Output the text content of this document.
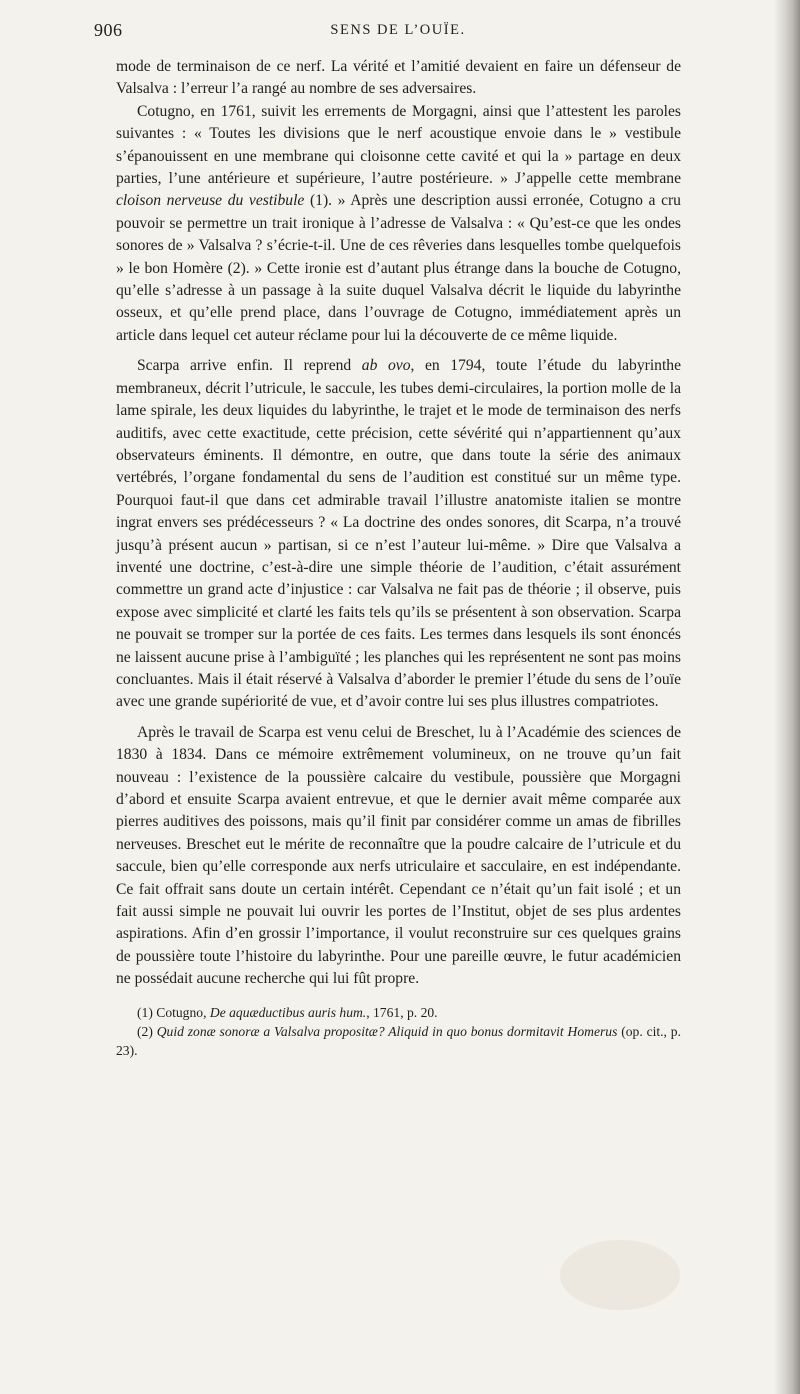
906	SENS DE L’OUÏE.

mode de terminaison de ce nerf. La vérité et l’amitié devaient en faire un défenseur de Valsalva : l’erreur l’a rangé au nombre de ses adversaires.

Cotugno, en 1761, suivit les errements de Morgagni, ainsi que l’attestent les paroles suivantes : « Toutes les divisions que le nerf acoustique envoie dans le » vestibule s’épanouissent en une membrane qui cloisonne cette cavité et qui la » partage en deux parties, l’une antérieure et supérieure, l’autre postérieure. » J’appelle cette membrane cloison nerveuse du vestibule (1). » Après une description aussi erronée, Cotugno a cru pouvoir se permettre un trait ironique à l’adresse de Valsalva : « Qu’est-ce que les ondes sonores de » Valsalva ? s’écrie-t-il. Une de ces rêveries dans lesquelles tombe quelquefois » le bon Homère (2). » Cette ironie est d’autant plus étrange dans la bouche de Cotugno, qu’elle s’adresse à un passage à la suite duquel Valsalva décrit le liquide du labyrinthe osseux, et qu’elle prend place, dans l’ouvrage de Cotugno, immédiatement après un article dans lequel cet auteur réclame pour lui la découverte de ce même liquide.

Scarpa arrive enfin. Il reprend ab ovo, en 1794, toute l’étude du labyrinthe membraneux, décrit l’utricule, le saccule, les tubes demi-circulaires, la portion molle de la lame spirale, les deux liquides du labyrinthe, le trajet et le mode de terminaison des nerfs auditifs, avec cette exactitude, cette précision, cette sévérité qui n’appartiennent qu’aux observateurs éminents. Il démontre, en outre, que dans toute la série des animaux vertébrés, l’organe fondamental du sens de l’audition est constitué sur un même type. Pourquoi faut-il que dans cet admirable travail l’illustre anatomiste italien se montre ingrat envers ses prédécesseurs ? « La doctrine des ondes sonores, dit Scarpa, n’a trouvé jusqu’à présent aucun » partisan, si ce n’est l’auteur lui-même. » Dire que Valsalva a inventé une doctrine, c’est-à-dire une simple théorie de l’audition, c’était assurément commettre un grand acte d’injustice : car Valsalva ne fait pas de théorie ; il observe, puis expose avec simplicité et clarté les faits tels qu’ils se présentent à son observation. Scarpa ne pouvait se tromper sur la portée de ces faits. Les termes dans lesquels ils sont énoncés ne laissent aucune prise à l’ambiguïté ; les planches qui les représentent ne sont pas moins concluantes. Mais il était réservé à Valsalva d’aborder le premier l’étude du sens de l’ouïe avec une grande supériorité de vue, et d’avoir contre lui ses plus illustres compatriotes.

Après le travail de Scarpa est venu celui de Breschet, lu à l’Académie des sciences de 1830 à 1834. Dans ce mémoire extrêmement volumineux, on ne trouve qu’un fait nouveau : l’existence de la poussière calcaire du vestibule, poussière que Morgagni d’abord et ensuite Scarpa avaient entrevue, et que le dernier avait même comparée aux pierres auditives des poissons, mais qu’il finit par considérer comme un amas de fibrilles nerveuses. Breschet eut le mérite de reconnaître que la poudre calcaire de l’utricule et du saccule, bien qu’elle corresponde aux nerfs utriculaire et sacculaire, en est indépendante. Ce fait offrait sans doute un certain intérêt. Cependant ce n’était qu’un fait isolé ; et un fait aussi simple ne pouvait lui ouvrir les portes de l’Institut, objet de ses plus ardentes aspirations. Afin d’en grossir l’importance, il voulut reconstruire sur ces quelques grains de poussière toute l’histoire du labyrinthe. Pour une pareille œuvre, le futur académicien ne possédait aucune recherche qui lui fût propre.

(1) Cotugno, De aquæductibus auris hum., 1761, p. 20.

(2) Quid zonæ sonoræ a Valsalva propositæ? Aliquid in quo bonus dormitavit Homerus (op. cit., p. 23).
